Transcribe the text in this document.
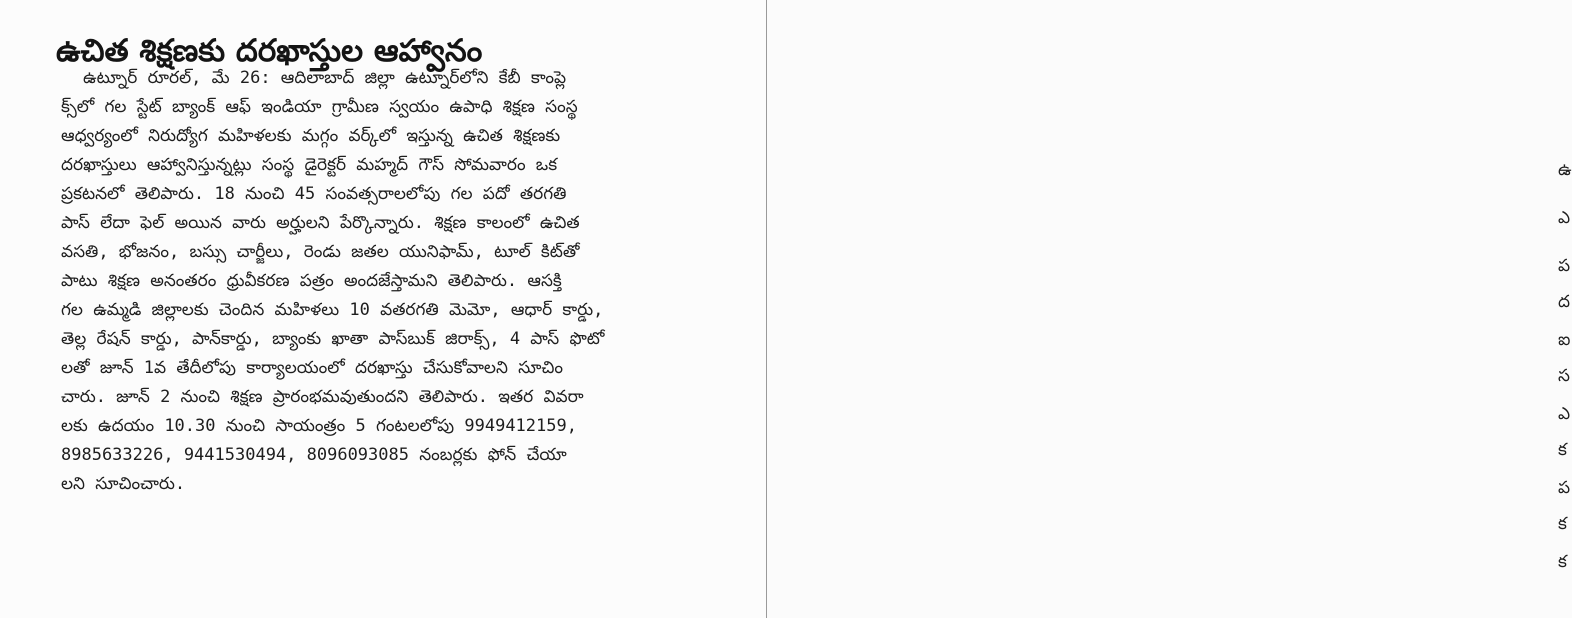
ఉచిత శిక్షణకు దరఖాస్తుల ఆహ్వానం
ఉట్నూర్ రూరల్, మే 26: ఆదిలాబాద్ జిల్లా ఉట్నూర్‌లోని కేబీ కాంప్లె
క్స్‌లో గల స్టేట్ బ్యాంక్ ఆఫ్ ఇండియా గ్రామీణ స్వయం ఉపాధి శిక్షణ సంస్థ
ఆధ్వర్యంలో నిరుద్యోగ మహిళలకు మగ్గం వర్క్‌లో ఇస్తున్న ఉచిత శిక్షణకు
దరఖాస్తులు ఆహ్వానిస్తున్నట్లు సంస్థ డైరెక్టర్ మహ్మద్ గౌస్ సోమవారం ఒక
ప్రకటనలో తెలిపారు. 18 నుంచి 45 సంవత్సరాలలోపు గల పదో తరగతి
పాస్ లేదా ఫెల్ అయిన వారు అర్హులని పేర్కొన్నారు. శిక్షణ కాలంలో ఉచిత
వసతి, భోజనం, బస్సు చార్జీలు, రెండు జతల యునిఫామ్, టూల్ కిట్‌తో
పాటు శిక్షణ అనంతరం ధ్రువీకరణ పత్రం అందజేస్తామని తెలిపారు. ఆసక్తి
గల ఉమ్మడి జిల్లాలకు చెందిన మహిళలు 10 వతరగతి మెమో, ఆధార్ కార్డు,
తెల్ల రేషన్ కార్డు, పాన్‌కార్డు, బ్యాంకు ఖాతా పాస్‌బుక్ జిరాక్స్, 4 పాస్ ఫొటో
లతో జూన్ 1వ తేదీలోపు కార్యాలయంలో దరఖాస్తు చేసుకోవాలని సూచిం
చారు. జూన్ 2 నుంచి శిక్షణ ప్రారంభమవుతుందని తెలిపారు. ఇతర వివరా
లకు ఉదయం 10.30 నుంచి సాయంత్రం 5 గంటలలోపు 9949412159,
8985633226, 9441530494, 8096093085 నంబర్లకు ఫోన్ చేయా
లని సూచించారు.
ఉ
ఎ
ప
ద
ఐ
స
ఎ
క
ప
క
క
